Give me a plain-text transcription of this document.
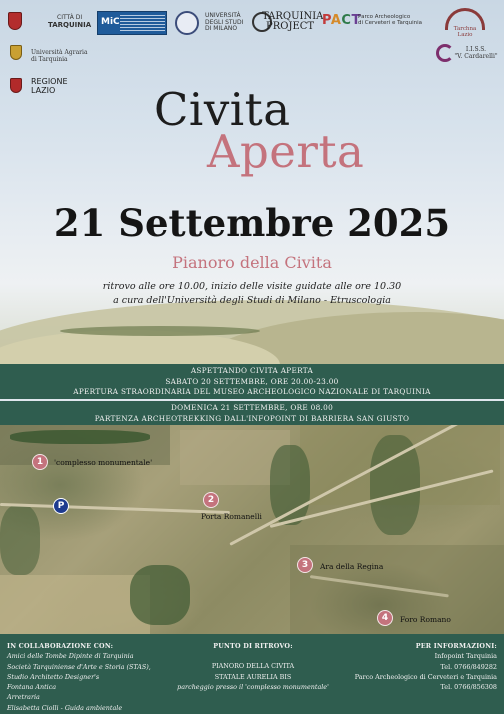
CITTÀ DI
TARQUINIA MiC
UNIVERSITÀ
DEGLI STUDI
DI MILANO
TARQUINIA
PROJECT PACT
Parco Archeologico
di Cerveteri e Tarquinia
Tarchna
Lazio
Università Agraria
di Tarquinia
REGIONE
LAZIO
I.I.S.S.
"V. Cardarelli"
Civita
Aperta
21 Settembre 2025
Pianoro della Civita
ritrovo alle ore 10.00, inizio delle visite guidate alle ore 10.30
a cura dell'Università degli Studi di Milano - Etruscologia
ASPETTANDO CIVITA APERTA
SABATO 20 SETTEMBRE, ORE 20.00-23.00
APERTURA STRAORDINARIA DEL MUSEO ARCHEOLOGICO NAZIONALE DI TARQUINIA
DOMENICA 21 SETTEMBRE, ORE 08.00
PARTENZA ARCHEOTREKKING DALL'INFOPOINT DI BARRIERA SAN GIUSTO
1	'complesso monumentale'
P
2
Porta Romanelli
3	Ara della Regina
4	Foro Romano
IN COLLABORAZIONE CON:
Amici delle Tombe Dipinte di Tarquinia
Società Tarquiniense d'Arte e Storia (STAS),
Studio Architetto Designer's
Fontana Antica
Arretraria
Elisabetta Ciolli - Guida ambientale
PUNTO DI RITROVO:
PIANORO DELLA CIVITA
STATALE AURELIA BIS
parcheggio presso il 'complesso monumentale'
PER INFORMAZIONI:
Infopoint Tarquinia
Tel. 0766/849282
Parco Archeologico di Cerveteri e Tarquinia
Tel. 0766/856308
